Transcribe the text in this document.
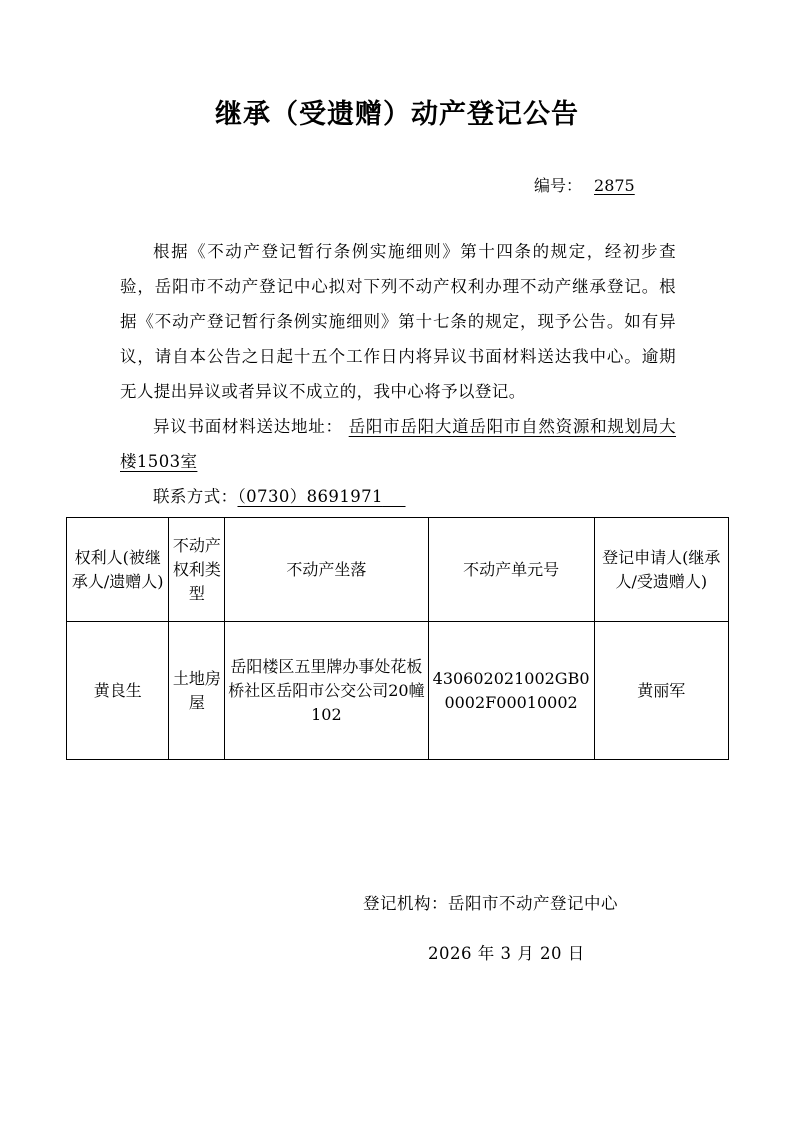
继承（受遗赠）动产登记公告
编号： 2875

根据《不动产登记暂行条例实施细则》第十四条的规定，经初步查验，岳阳市不动产登记中心拟对下列不动产权利办理不动产继承登记。根据《不动产登记暂行条例实施细则》第十七条的规定，现予公告。如有异议，请自本公告之日起十五个工作日内将异议书面材料送达我中心。逾期无人提出异议或者异议不成立的，我中心将予以登记。

异议书面材料送达地址： 岳阳市岳阳大道岳阳市自然资源和规划局大楼1503室

联系方式：（0730）8691971

权利人(被继承人/遗赠人)	不动产权利类型	不动产坐落	不动产单元号	登记申请人(继承人/受遗赠人)
黄良生	土地房屋	岳阳楼区五里牌办事处花板桥社区岳阳市公交公司20幢102	430602021002GB00002F00010002	黄丽军
登记机构：岳阳市不动产登记中心
2026 年 3 月 20 日
